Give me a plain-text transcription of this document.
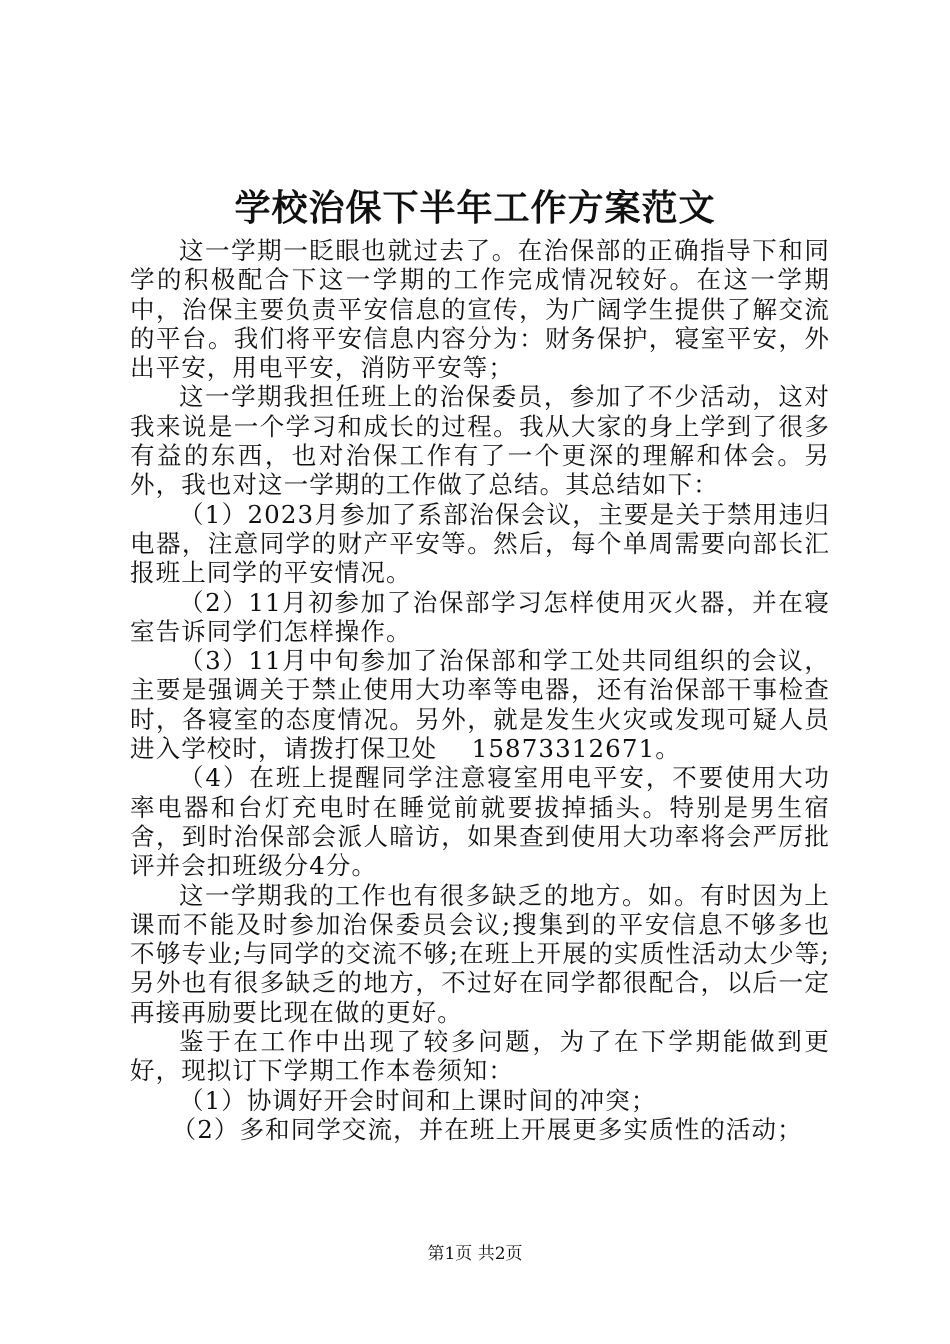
学校治保下半年工作方案范文

这一学期一眨眼也就过去了。在治保部的正确指导下和同学的积极配合下这一学期的工作完成情况较好。在这一学期中，治保主要负责平安信息的宣传，为广阔学生提供了解交流的平台。我们将平安信息内容分为：财务保护，寝室平安，外出平安，用电平安，消防平安等；

这一学期我担任班上的治保委员，参加了不少活动，这对我来说是一个学习和成长的过程。我从大家的身上学到了很多有益的东西，也对治保工作有了一个更深的理解和体会。另外，我也对这一学期的工作做了总结。其总结如下：

（1）2023月参加了系部治保会议，主要是关于禁用违归电器，注意同学的财产平安等。然后，每个单周需要向部长汇报班上同学的平安情况。

（2）11月初参加了治保部学习怎样使用灭火器，并在寝室告诉同学们怎样操作。

（3）11月中旬参加了治保部和学工处共同组织的会议，主要是强调关于禁止使用大功率等电器，还有治保部干事检查时，各寝室的态度情况。另外，就是发生火灾或发现可疑人员进入学校时，请拨打保卫处　 15873312671。

（4）在班上提醒同学注意寝室用电平安，不要使用大功率电器和台灯充电时在睡觉前就要拔掉插头。特别是男生宿舍，到时治保部会派人暗访，如果查到使用大功率将会严厉批评并会扣班级分4分。

这一学期我的工作也有很多缺乏的地方。如。有时因为上课而不能及时参加治保委员会议;搜集到的平安信息不够多也不够专业;与同学的交流不够;在班上开展的实质性活动太少等;另外也有很多缺乏的地方，不过好在同学都很配合，以后一定再接再励要比现在做的更好。

鉴于在工作中出现了较多问题，为了在下学期能做到更好，现拟订下学期工作本卷须知：

（1）协调好开会时间和上课时间的冲突；

（2）多和同学交流，并在班上开展更多实质性的活动；

第1页 共2页
